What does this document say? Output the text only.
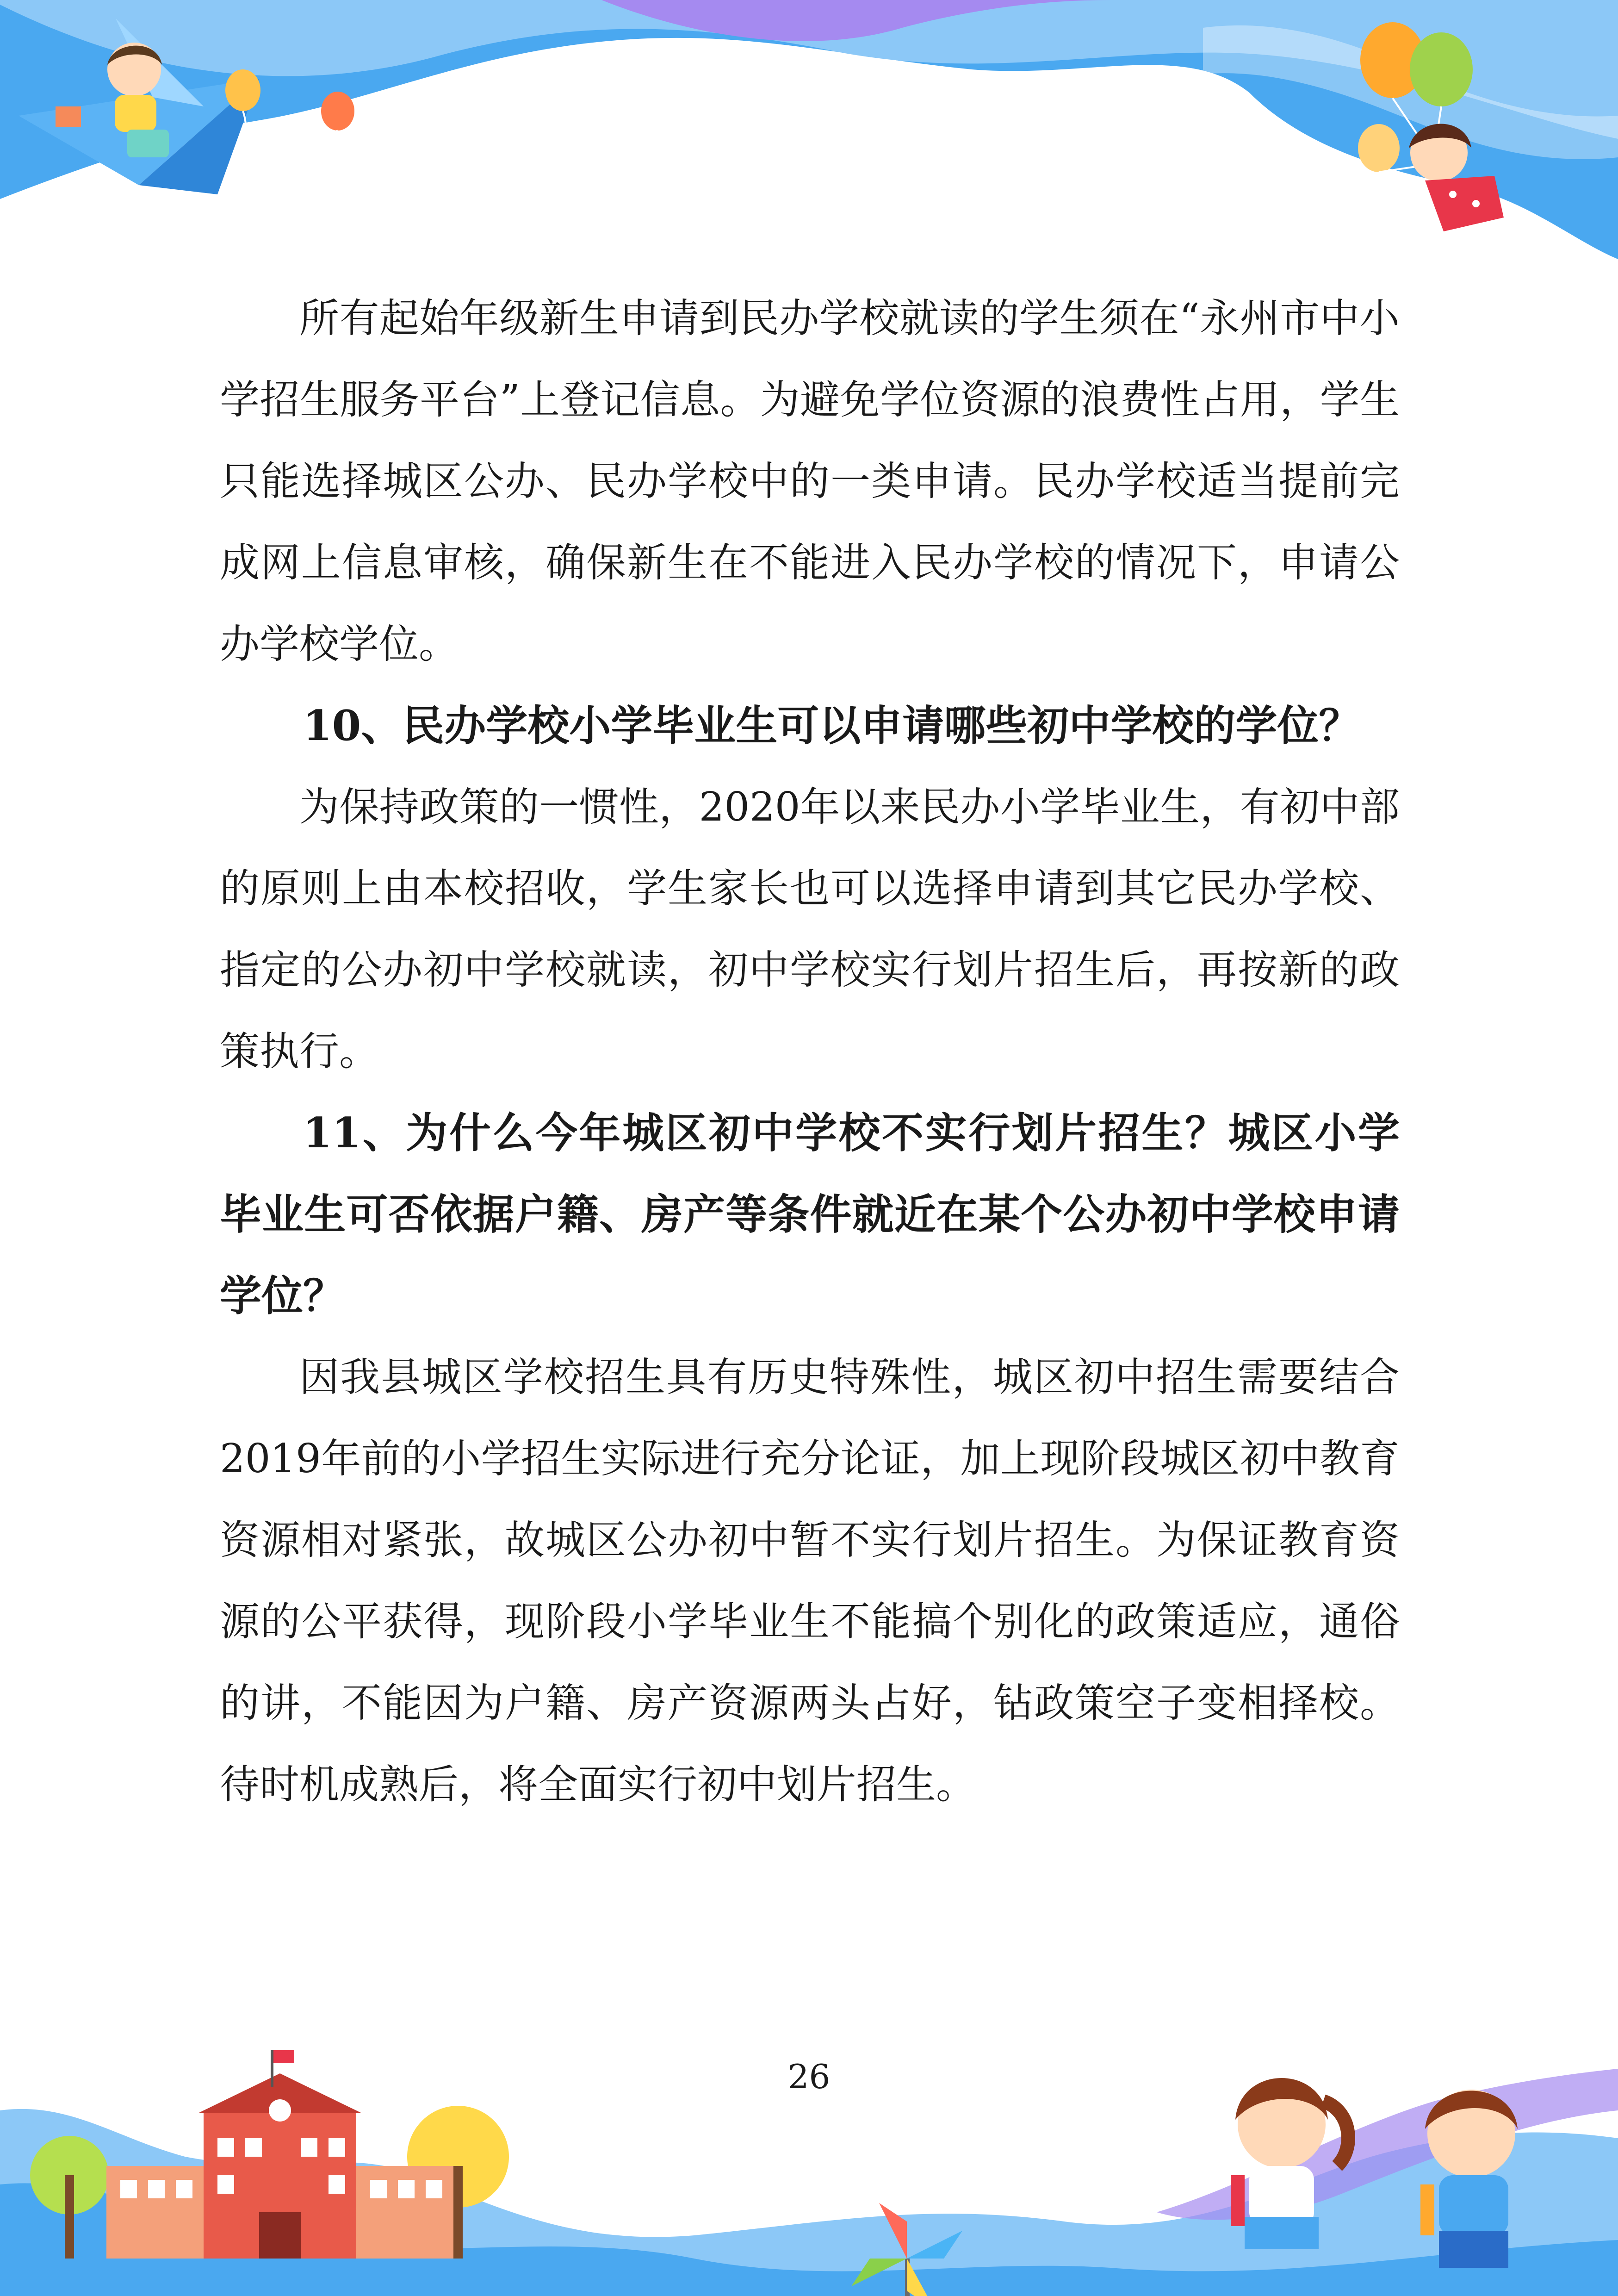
所有起始年级新生申请到民办学校就读的学生须在“永州市中小学招生服务平台”上登记信息。为避免学位资源的浪费性占用，学生只能选择城区公办、民办学校中的一类申请。民办学校适当提前完成网上信息审核，确保新生在不能进入民办学校的情况下，申请公办学校学位。

10、民办学校小学毕业生可以申请哪些初中学校的学位？

为保持政策的一惯性，2020年以来民办小学毕业生，有初中部的原则上由本校招收，学生家长也可以选择申请到其它民办学校、指定的公办初中学校就读，初中学校实行划片招生后，再按新的政策执行。

11、为什么今年城区初中学校不实行划片招生？城区小学毕业生可否依据户籍、房产等条件就近在某个公办初中学校申请学位？

因我县城区学校招生具有历史特殊性，城区初中招生需要结合2019年前的小学招生实际进行充分论证，加上现阶段城区初中教育资源相对紧张，故城区公办初中暂不实行划片招生。为保证教育资源的公平获得，现阶段小学毕业生不能搞个别化的政策适应，通俗的讲，不能因为户籍、房产资源两头占好，钻政策空子变相择校。待时机成熟后，将全面实行初中划片招生。

26
